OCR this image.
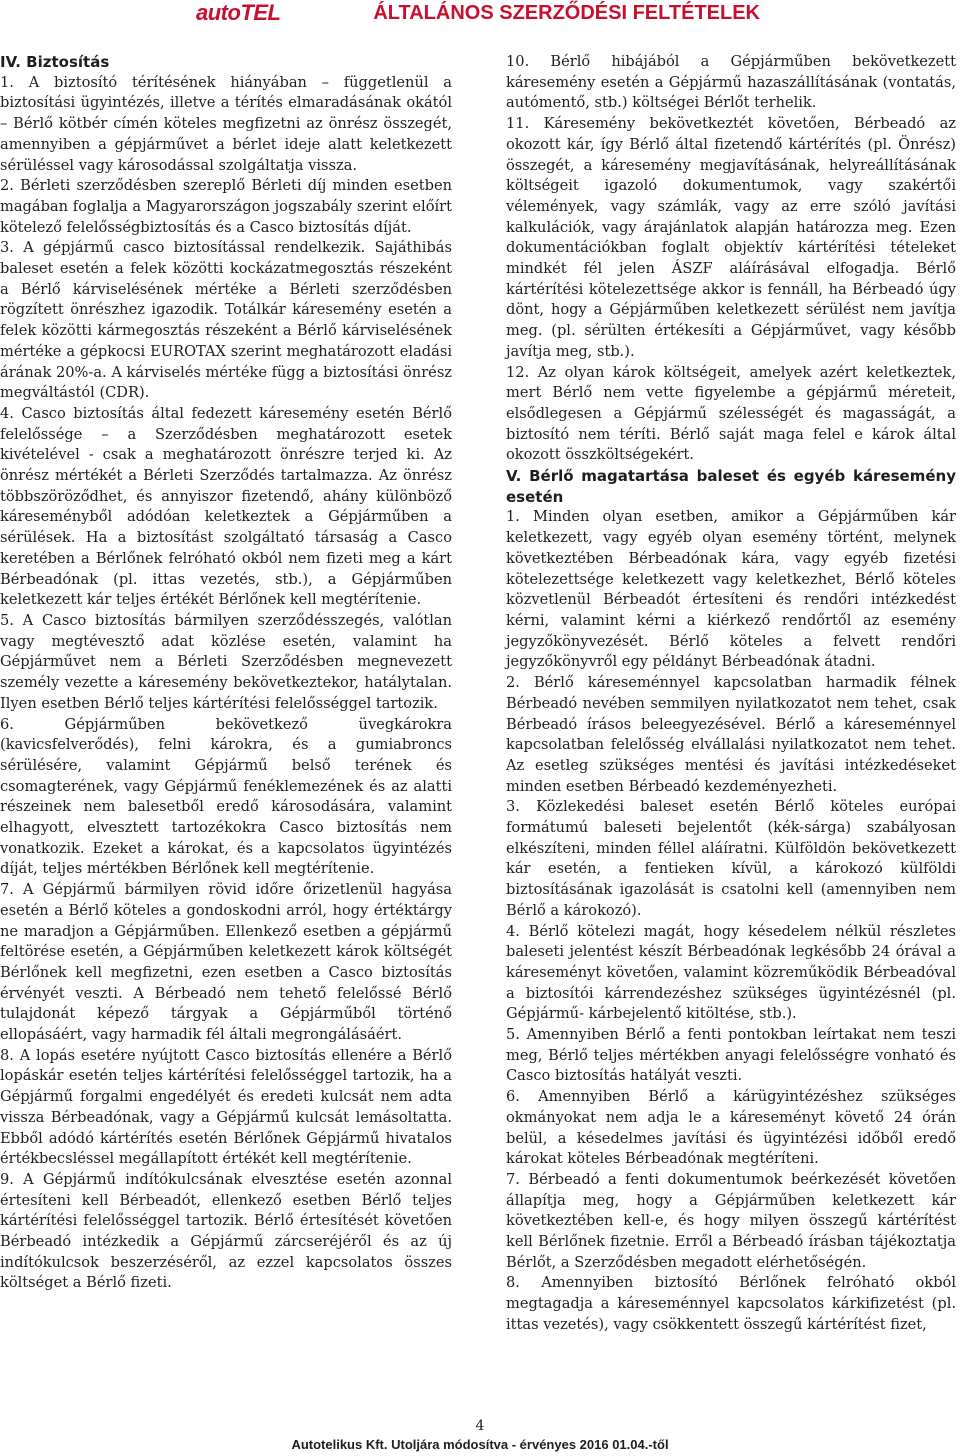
autoTEL	ÁLTALÁNOS SZERZŐDÉSI FELTÉTELEK

IV. Biztosítás

1. A biztosító térítésének hiányában – függetlenül a biztosítási ügyintézés, illetve a térítés elmaradásának okától – Bérlő kötbér címén köteles megfizetni az önrész összegét, amennyiben a gépjárművet a bérlet ideje alatt keletkezett sérüléssel vagy károsodással szolgáltatja vissza.

2. Bérleti szerződésben szereplő Bérleti díj minden esetben magában foglalja a Magyarországon jogszabály szerint előírt kötelező felelősségbiztosítás és a Casco biztosítás díját.

3. A gépjármű casco biztosítással rendelkezik. Sajáthibás baleset esetén a felek közötti kockázatmegosztás részeként a Bérlő kárviselésének mértéke a Bérleti szerződésben rögzített önrészhez igazodik. Totálkár káresemény esetén a felek közötti kármegosztás részeként a Bérlő kárviselésének mértéke a gépkocsi EUROTAX szerint meghatározott eladási árának 20%-a. A kárviselés mértéke függ a biztosítási önrész megváltástól (CDR).

4. Casco biztosítás által fedezett káresemény esetén Bérlő felelőssége – a Szerződésben meghatározott esetek kivételével - csak a meghatározott önrészre terjed ki. Az önrész mértékét a Bérleti Szerződés tartalmazza. Az önrész többszöröződhet, és annyiszor fizetendő, ahány különböző káreseményből adódóan keletkeztek a Gépjárműben a sérülések. Ha a biztosítást szolgáltató társaság a Casco keretében a Bérlőnek felróható okból nem fizeti meg a kárt Bérbeadónak (pl. ittas vezetés, stb.), a Gépjárműben keletkezett kár teljes értékét Bérlőnek kell megtérítenie.

5. A Casco biztosítás bármilyen szerződésszegés, valótlan vagy megtévesztő adat közlése esetén, valamint ha Gépjárművet nem a Bérleti Szerződésben megnevezett személy vezette a káresemény bekövetkeztekor, hatálytalan. Ilyen esetben Bérlő teljes kártérítési felelősséggel tartozik.

6. Gépjárműben bekövetkező üvegkárokra (kavicsfelverődés), felni károkra, és a gumiabroncs sérülésére, valamint Gépjármű belső terének és csomagterének, vagy Gépjármű fenéklemezének és az alatti részeinek nem balesetből eredő károsodására, valamint elhagyott, elvesztett tartozékokra Casco biztosítás nem vonatkozik. Ezeket a károkat, és a kapcsolatos ügyintézés díját, teljes mértékben Bérlőnek kell megtérítenie.

7. A Gépjármű bármilyen rövid időre őrizetlenül hagyása esetén a Bérlő köteles a gondoskodni arról, hogy értéktárgy ne maradjon a Gépjárműben. Ellenkező esetben a gépjármű feltörése esetén, a Gépjárműben keletkezett károk költségét Bérlőnek kell megfizetni, ezen esetben a Casco biztosítás érvényét veszti. A Bérbeadó nem tehető felelőssé Bérlő tulajdonát képező tárgyak a Gépjárműből történő ellopásáért, vagy harmadik fél általi megrongálásáért.

8. A lopás esetére nyújtott Casco biztosítás ellenére a Bérlő lopáskár esetén teljes kártérítési felelősséggel tartozik, ha a Gépjármű forgalmi engedélyét és eredeti kulcsát nem adta vissza Bérbeadónak, vagy a Gépjármű kulcsát lemásoltatta. Ebből adódó kártérítés esetén Bérlőnek Gépjármű hivatalos értékbecsléssel megállapított értékét kell megtérítenie.

9. A Gépjármű indítókulcsának elvesztése esetén azonnal értesíteni kell Bérbeadót, ellenkező esetben Bérlő teljes kártérítési felelősséggel tartozik. Bérlő értesítését követően Bérbeadó intézkedik a Gépjármű zárcseréjéről és az új indítókulcsok beszerzéséről, az ezzel kapcsolatos összes költséget a Bérlő fizeti.

10. Bérlő hibájából a Gépjárműben bekövetkezett káresemény esetén a Gépjármű hazaszállításának (vontatás, autómentő, stb.) költségei Bérlőt terhelik.

11. Káresemény bekövetkeztét követően, Bérbeadó az okozott kár, így Bérlő által fizetendő kártérítés (pl. Önrész) összegét, a káresemény megjavításának, helyreállításának költségeit igazoló dokumentumok, vagy szakértői vélemények, vagy számlák, vagy az erre szóló javítási kalkulációk, vagy árajánlatok alapján határozza meg. Ezen dokumentációkban foglalt objektív kártérítési tételeket mindkét fél jelen ÁSZF aláírásával elfogadja. Bérlő kártérítési kötelezettsége akkor is fennáll, ha Bérbeadó úgy dönt, hogy a Gépjárműben keletkezett sérülést nem javítja meg. (pl. sérülten értékesíti a Gépjárművet, vagy később javítja meg, stb.).

12. Az olyan károk költségeit, amelyek azért keletkeztek, mert Bérlő nem vette figyelembe a gépjármű méreteit, elsődlegesen a Gépjármű szélességét és magasságát, a biztosító nem téríti. Bérlő saját maga felel e károk által okozott összköltségekért.

V. Bérlő magatartása baleset és egyéb káresemény esetén

1. Minden olyan esetben, amikor a Gépjárműben kár keletkezett, vagy egyéb olyan esemény történt, melynek következtében Bérbeadónak kára, vagy egyéb fizetési kötelezettsége keletkezett vagy keletkezhet, Bérlő köteles közvetlenül Bérbeadót értesíteni és rendőri intézkedést kérni, valamint kérni a kiérkező rendőrtől az esemény jegyzőkönyvezését. Bérlő köteles a felvett rendőri jegyzőkönyvről egy példányt Bérbeadónak átadni.

2. Bérlő káreseménnyel kapcsolatban harmadik félnek Bérbeadó nevében semmilyen nyilatkozatot nem tehet, csak Bérbeadó írásos beleegyezésével. Bérlő a káreseménnyel kapcsolatban felelősség elvállalási nyilatkozatot nem tehet. Az esetleg szükséges mentési és javítási intézkedéseket minden esetben Bérbeadó kezdeményezheti.

3. Közlekedési baleset esetén Bérlő köteles európai formátumú baleseti bejelentőt (kék-sárga) szabályosan elkészíteni, minden féllel aláíratni. Külföldön bekövetkezett kár esetén, a fentieken kívül, a károkozó külföldi biztosításának igazolását is csatolni kell (amennyiben nem Bérlő a károkozó).

4. Bérlő kötelezi magát, hogy késedelem nélkül részletes baleseti jelentést készít Bérbeadónak legkésőbb 24 órával a káreseményt követően, valamint közreműködik Bérbeadóval a biztosítói kárrendezéshez szükséges ügyintézésnél (pl. Gépjármű- kárbejelentő kitöltése, stb.).

5. Amennyiben Bérlő a fenti pontokban leírtakat nem teszi meg, Bérlő teljes mértékben anyagi felelősségre vonható és Casco biztosítás hatályát veszti.

6. Amennyiben Bérlő a kárügyintézéshez szükséges okmányokat nem adja le a káreseményt követő 24 órán belül, a késedelmes javítási és ügyintézési időből eredő károkat köteles Bérbeadónak megtéríteni.

7. Bérbeadó a fenti dokumentumok beérkezését követően állapítja meg, hogy a Gépjárműben keletkezett kár következtében kell-e, és hogy milyen összegű kártérítést kell Bérlőnek fizetnie. Erről a Bérbeadó írásban tájékoztatja Bérlőt, a Szerződésben megadott elérhetőségén.

8. Amennyiben biztosító Bérlőnek felróható okból megtagadja a káreseménnyel kapcsolatos kárkifizetést (pl. ittas vezetés), vagy csökkentett összegű kártérítést fizet,

4
Autotelikus Kft. Utoljára módosítva - érvényes 2016 01.04.-től
